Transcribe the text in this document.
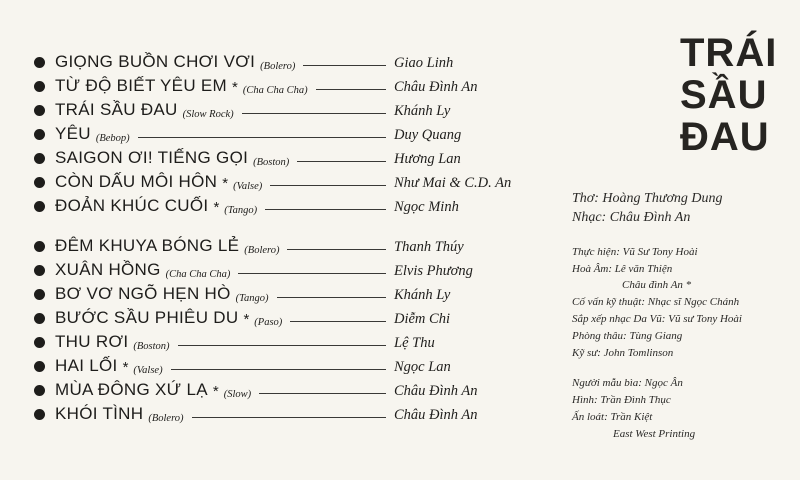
GIỌNG BUỒN CHƠI VƠI (Bolero)	Giao Linh
TỪ ĐỘ BIẾT YÊU EM * (Cha Cha Cha)	Châu Đình An
TRÁI SẦU ĐAU (Slow Rock)	Khánh Ly
YÊU (Bebop)	Duy Quang
SAIGON ƠI! TIẾNG GỌI (Boston)	Hương Lan
CÒN DẤU MÔI HÔN * (Valse)	Như Mai & C.D. An
ĐOẢN KHÚC CUỐI * (Tango)	Ngọc Minh
ĐÊM KHUYA BÓNG LẺ (Bolero)	Thanh Thúy
XUÂN HỒNG (Cha Cha Cha)	Elvis Phương
BƠ VƠ NGÕ HẸN HÒ (Tango)	Khánh Ly
BƯỚC SẦU PHIÊU DU * (Paso)	Diễm Chi
THU RƠI (Boston)	Lệ Thu
HAI LỐI * (Valse)	Ngọc Lan
MÙA ĐÔNG XỨ LẠ * (Slow)	Châu Đình An
KHÓI TÌNH (Bolero)	Châu Đình An
TRÁI
SẦU
ĐAU
Thơ: Hoàng Thương Dung
Nhạc: Châu Đình An
Thực hiện: Vũ Sư Tony Hoài
Hoà Âm: Lê văn Thiện
Châu đình An *
Cố vấn kỹ thuật: Nhạc sĩ Ngọc Chánh
Sắp xếp nhạc Da Vũ: Vũ sư Tony Hoài
Phòng thâu: Tùng Giang
Kỹ sư: John Tomlinson
Người mẫu bìa: Ngọc Ân
Hình: Trần Đình Thục
Ấn loát: Trần Kiệt
East West Printing
